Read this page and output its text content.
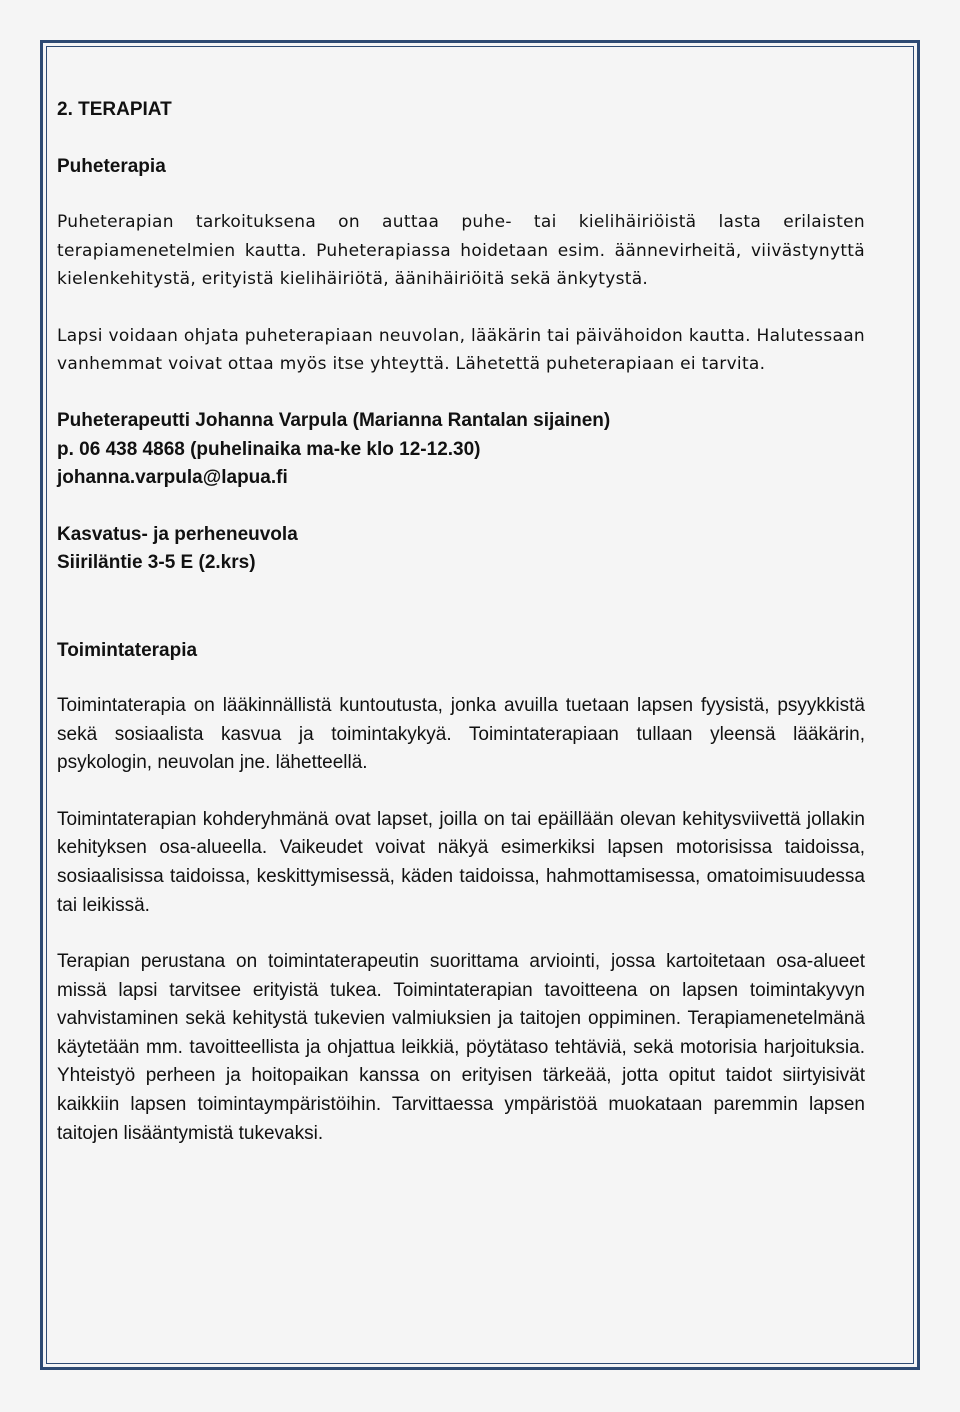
2. TERAPIAT
Puheterapia

Puheterapian tarkoituksena on auttaa puhe- tai kielihäiriöistä lasta erilaisten terapiamenetelmien kautta. Puheterapiassa hoidetaan esim. äännevirheitä, viivästynyttä kielenkehitystä, erityistä kielihäiriötä, äänihäiriöitä sekä änkytystä.

Lapsi voidaan ohjata puheterapiaan neuvolan, lääkärin tai päivähoidon kautta. Halutessaan vanhemmat voivat ottaa myös itse yhteyttä. Lähetettä puheterapiaan ei tarvita.

Puheterapeutti Johanna Varpula (Marianna Rantalan sijainen)
p. 06 438 4868 (puhelinaika ma-ke klo 12-12.30)
johanna.varpula@lapua.fi
Kasvatus- ja perheneuvola
Siiriläntie 3-5 E (2.krs)
Toimintaterapia

Toimintaterapia on lääkinnällistä kuntoutusta, jonka avuilla tuetaan lapsen fyysistä, psyykkistä sekä sosiaalista kasvua ja toimintakykyä. Toimintaterapiaan tullaan yleensä lääkärin, psykologin, neuvolan jne. lähetteellä.

Toimintaterapian kohderyhmänä ovat lapset, joilla on tai epäillään olevan kehitysviivettä jollakin kehityksen osa-alueella. Vaikeudet voivat näkyä esimerkiksi lapsen motorisissa taidoissa, sosiaalisissa taidoissa, keskittymisessä, käden taidoissa, hahmottamisessa, omatoimisuudessa tai leikissä.

Terapian perustana on toimintaterapeutin suorittama arviointi, jossa kartoitetaan osa-alueet missä lapsi tarvitsee erityistä tukea. Toimintaterapian tavoitteena on lapsen toimintakyvyn vahvistaminen sekä kehitystä tukevien valmiuksien ja taitojen oppiminen. Terapiamenetelmänä käytetään mm. tavoitteellista ja ohjattua leikkiä, pöytätaso tehtäviä, sekä motorisia harjoituksia. Yhteistyö perheen ja hoitopaikan kanssa on erityisen tärkeää, jotta opitut taidot siirtyisivät kaikkiin lapsen toimintaympäristöihin. Tarvittaessa ympäristöä muokataan paremmin lapsen taitojen lisääntymistä tukevaksi.
